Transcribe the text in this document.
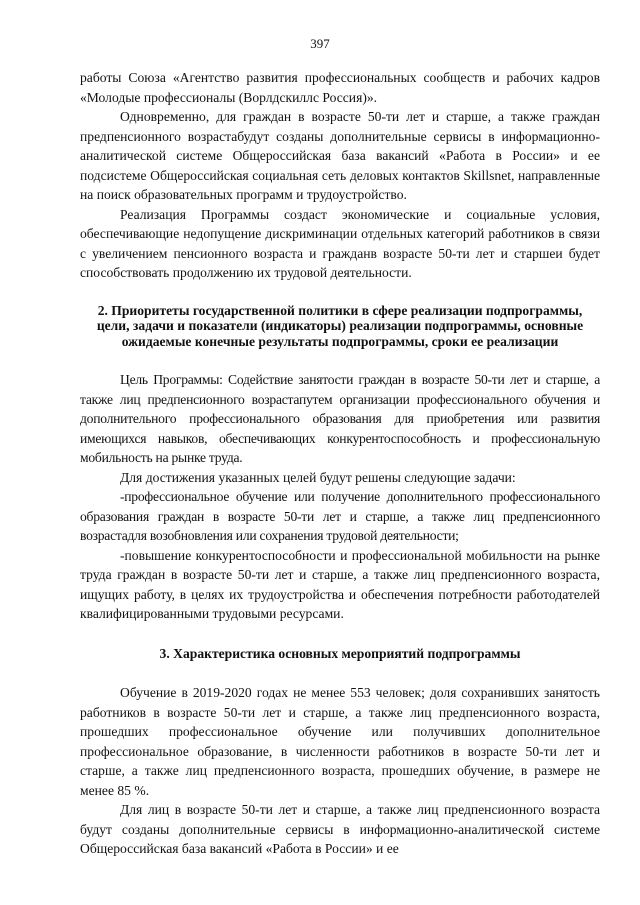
397

работы Союза «Агентство развития профессиональных сообществ и рабочих кадров «Молодые профессионалы (Ворлдскиллс Россия)».

Одновременно, для граждан в возрасте 50-ти лет и старше, а также граждан предпенсионного возрастабудут созданы дополнительные сервисы в информационно-аналитической системе Общероссийская база вакансий «Работа в России» и ее подсистеме Общероссийская социальная сеть деловых контактов Skillsnet, направленные на поиск образовательных программ и трудоустройство.

Реализация Программы создаст экономические и социальные условия, обеспечивающие недопущение дискриминации отдельных категорий работников в связи с увеличением пенсионного возраста и гражданв возрасте 50-ти лет и старшеи будет способствовать продолжению их трудовой деятельности.

2. Приоритеты государственной политики в сфере реализации подпрограммы, цели, задачи и показатели (индикаторы) реализации подпрограммы, основные ожидаемые конечные результаты подпрограммы, сроки ее реализации

Цель Программы: Содействие занятости граждан в возрасте 50-ти лет и старше, а также лиц предпенсионного возрастапутем организации профессионального обучения и дополнительного профессионального образования для приобретения или развития имеющихся навыков, обеспечивающих конкурентоспособность и профессиональную мобильность на рынке труда.

Для достижения указанных целей будут решены следующие задачи:

-профессиональное обучение или получение дополнительного профессионального образования граждан в возрасте 50-ти лет и старше, а также лиц предпенсионного возрастадля возобновления или сохранения трудовой деятельности;

-повышение конкурентоспособности и профессиональной мобильности на рынке труда граждан в возрасте 50-ти лет и старше, а также лиц предпенсионного возраста, ищущих работу, в целях их трудоустройства и обеспечения потребности работодателей квалифицированными трудовыми ресурсами.

3. Характеристика основных мероприятий подпрограммы

Обучение в 2019-2020 годах не менее 553 человек; доля сохранивших занятость работников в возрасте 50-ти лет и старше, а также лиц предпенсионного возраста, прошедших профессиональное обучение или получивших дополнительное профессиональное образование, в численности работников в возрасте 50-ти лет и старше, а также лиц предпенсионного возраста, прошедших обучение, в размере не менее 85 %.

Для лиц в возрасте 50-ти лет и старше, а также лиц предпенсионного возраста будут созданы дополнительные сервисы в информационно-аналитической системе Общероссийская база вакансий «Работа в России» и ее
